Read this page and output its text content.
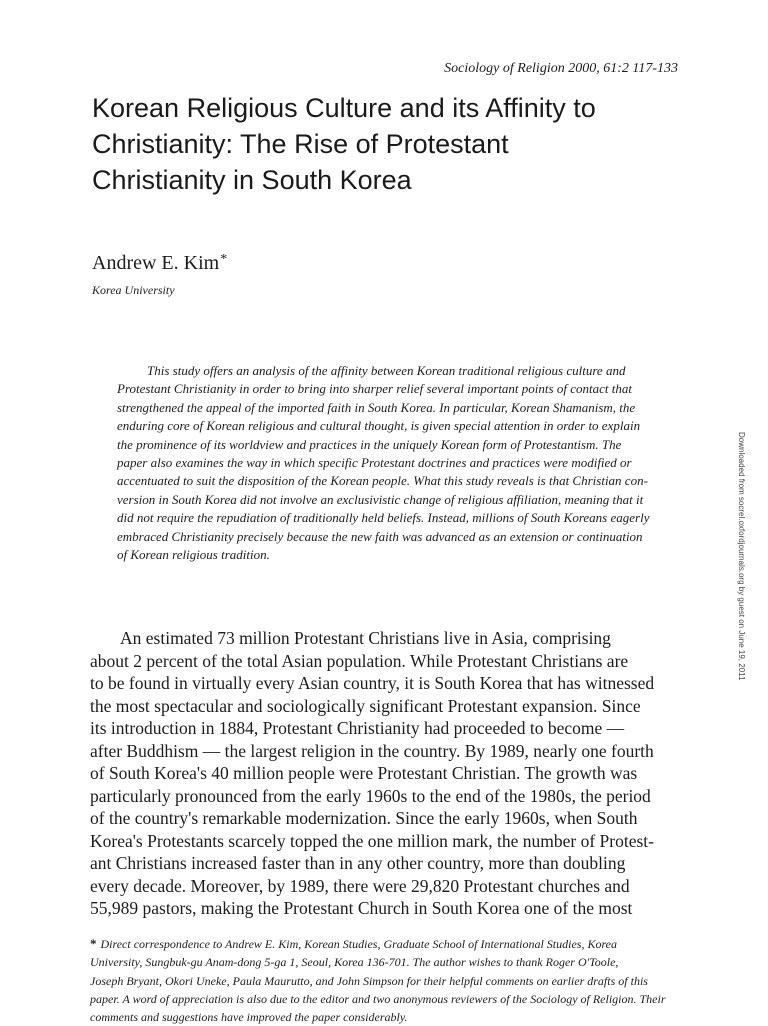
Sociology of Religion 2000, 61:2 117-133
Korean Religious Culture and its Affinity to
Christianity: The Rise of Protestant
Christianity in South Korea
Andrew E. Kim*
Korea University
This study offers an analysis of the affinity between Korean traditional religious culture and
Protestant Christianity in order to bring into sharper relief several important points of contact that
strengthened the appeal of the imported faith in South Korea. In particular, Korean Shamanism, the
enduring core of Korean religious and cultural thought, is given special attention in order to explain
the prominence of its worldview and practices in the uniquely Korean form of Protestantism. The
paper also examines the way in which specific Protestant doctrines and practices were modified or
accentuated to suit the disposition of the Korean people. What this study reveals is that Christian con-
version in South Korea did not involve an exclusivistic change of religious affiliation, meaning that it
did not require the repudiation of traditionally held beliefs. Instead, millions of South Koreans eagerly
embraced Christianity precisely because the new faith was advanced as an extension or continuation
of Korean religious tradition.
An estimated 73 million Protestant Christians live in Asia, comprising
about 2 percent of the total Asian population. While Protestant Christians are
to be found in virtually every Asian country, it is South Korea that has witnessed
the most spectacular and sociologically significant Protestant expansion. Since
its introduction in 1884, Protestant Christianity had proceeded to become —
after Buddhism — the largest religion in the country. By 1989, nearly one fourth
of South Korea's 40 million people were Protestant Christian. The growth was
particularly pronounced from the early 1960s to the end of the 1980s, the period
of the country's remarkable modernization. Since the early 1960s, when South
Korea's Protestants scarcely topped the one million mark, the number of Protest-
ant Christians increased faster than in any other country, more than doubling
every decade. Moreover, by 1989, there were 29,820 Protestant churches and
55,989 pastors, making the Protestant Church in South Korea one of the most
* Direct correspondence to Andrew E. Kim, Korean Studies, Graduate School of International Studies, Korea
University, Sungbuk-gu Anam-dong 5-ga 1, Seoul, Korea 136-701. The author wishes to thank Roger O'Toole,
Joseph Bryant, Okori Uneke, Paula Maurutto, and John Simpson for their helpful comments on earlier drafts of this
paper. A word of appreciation is also due to the editor and two anonymous reviewers of the Sociology of Religion. Their
comments and suggestions have improved the paper considerably.
Downloaded from socrel.oxfordjournals.org by guest on June 19, 2011
